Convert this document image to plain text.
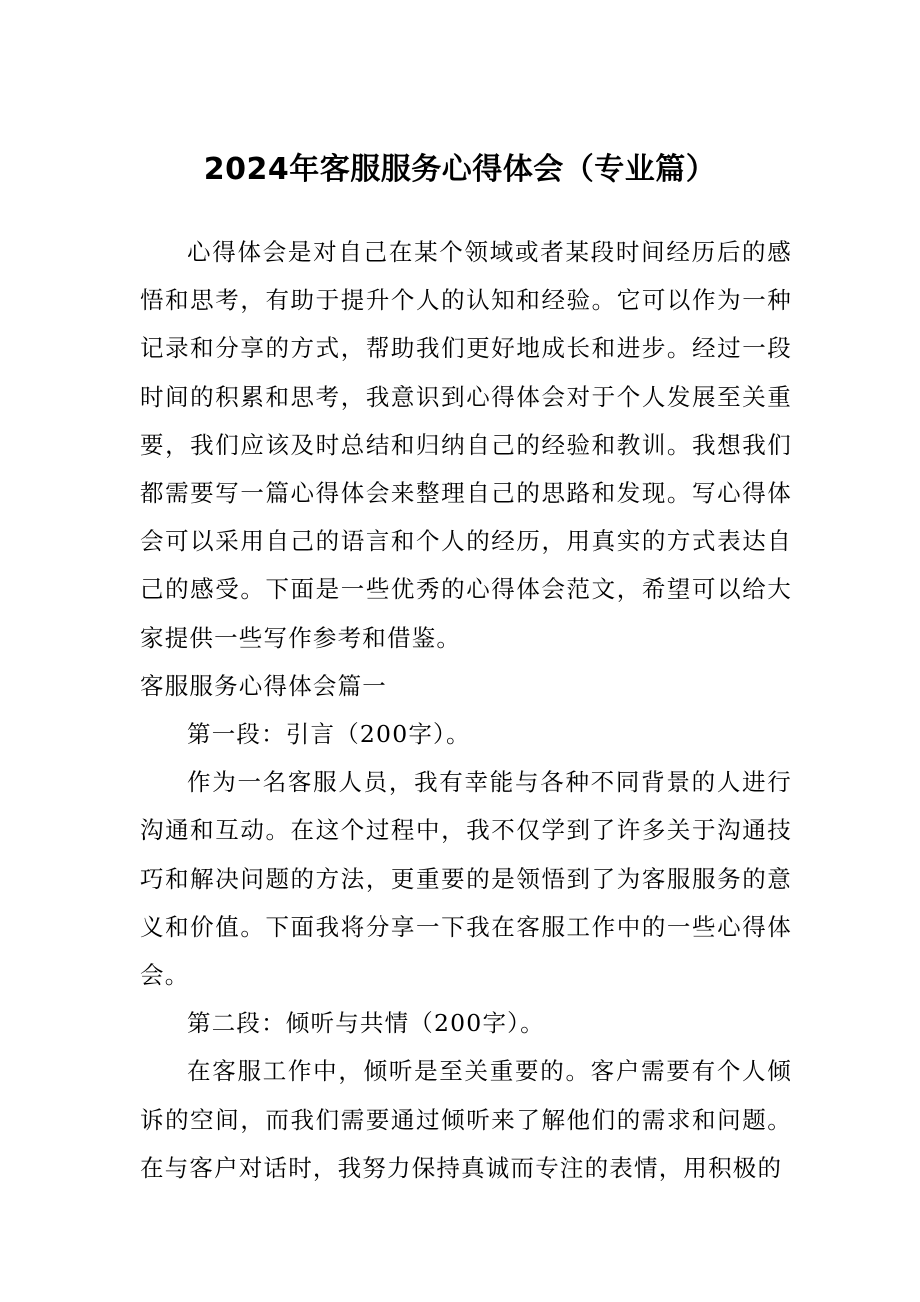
2024年客服服务心得体会（专业篇）

心得体会是对自己在某个领域或者某段时间经历后的感悟和思考，有助于提升个人的认知和经验。它可以作为一种记录和分享的方式，帮助我们更好地成长和进步。经过一段时间的积累和思考，我意识到心得体会对于个人发展至关重要，我们应该及时总结和归纳自己的经验和教训。我想我们都需要写一篇心得体会来整理自己的思路和发现。写心得体会可以采用自己的语言和个人的经历，用真实的方式表达自己的感受。下面是一些优秀的心得体会范文，希望可以给大家提供一些写作参考和借鉴。

客服服务心得体会篇一

第一段：引言（200字）。

作为一名客服人员，我有幸能与各种不同背景的人进行沟通和互动。在这个过程中，我不仅学到了许多关于沟通技巧和解决问题的方法，更重要的是领悟到了为客服服务的意义和价值。下面我将分享一下我在客服工作中的一些心得体会。

第二段：倾听与共情（200字）。

在客服工作中，倾听是至关重要的。客户需要有个人倾诉的空间，而我们需要通过倾听来了解他们的需求和问题。在与客户对话时，我努力保持真诚而专注的表情，用积极的
